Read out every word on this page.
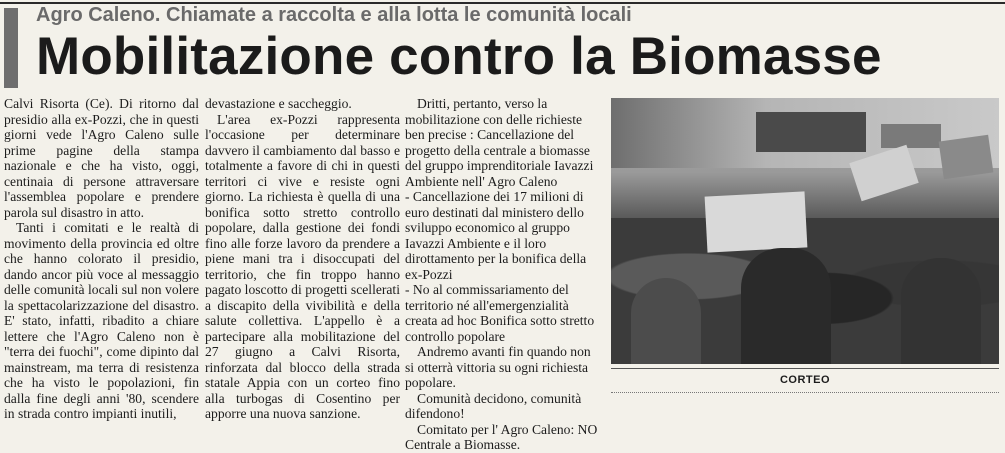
Agro Caleno. Chiamate a raccolta e alla lotta le comunità locali
Mobilitazione contro la Biomasse

Calvi Risorta (Ce). Di ritorno dal presidio alla ex-Pozzi, che in questi giorni vede l'Agro Caleno sulle prime pagine della stampa nazionale e che ha visto, oggi, centinaia di persone attraversare l'assemblea popolare e prendere parola sul disastro in atto.

Tanti i comitati e le realtà di movimento della provincia ed oltre che hanno colorato il presidio, dando ancor più voce al messaggio delle comunità locali sul non volere la spettacolarizzazione del disastro. E' stato, infatti, ribadito a chiare lettere che l'Agro Caleno non è "terra dei fuochi", come dipinto dal mainstream, ma terra di resistenza che ha visto le popolazioni, fin dalla fine degli anni '80, scendere in strada contro impianti inutili,

devastazione e saccheggio.

L'area ex-Pozzi rappresenta l'occasione per determinare davvero il cambiamento dal basso e totalmente a favore di chi in questi territori ci vive e resiste ogni giorno. La richiesta è quella di una bonifica sotto stretto controllo popolare, dalla gestione dei fondi fino alle forze lavoro da prendere a piene mani tra i disoccupati del territorio, che fin troppo hanno pagato loscotto di progetti scellerati a discapito della vivibilità e della salute collettiva. L'appello è a partecipare alla mobilitazione del 27 giugno a Calvi Risorta, rinforzata dal blocco della strada statale Appia con un corteo fino alla turbogas di Cosentino per apporre una nuova sanzione.

Dritti, pertanto, verso la mobilitazione con delle richieste ben precise : Cancellazione del progetto della centrale a biomasse del gruppo imprenditoriale Iavazzi Ambiente nell' Agro Caleno

- Cancellazione dei 17 milioni di euro destinati dal ministero dello sviluppo economico al gruppo Iavazzi Ambiente e il loro dirottamento per la bonifica della ex-Pozzi

- No al commissariamento del territorio né all'emergenzialità creata ad hoc Bonifica sotto stretto controllo popolare

Andremo avanti fin quando non si otterrà vittoria su ogni richiesta popolare.

Comunità decidono, comunità difendono!

Comitato per l' Agro Caleno: NO Centrale a Biomasse.

CORTEO
